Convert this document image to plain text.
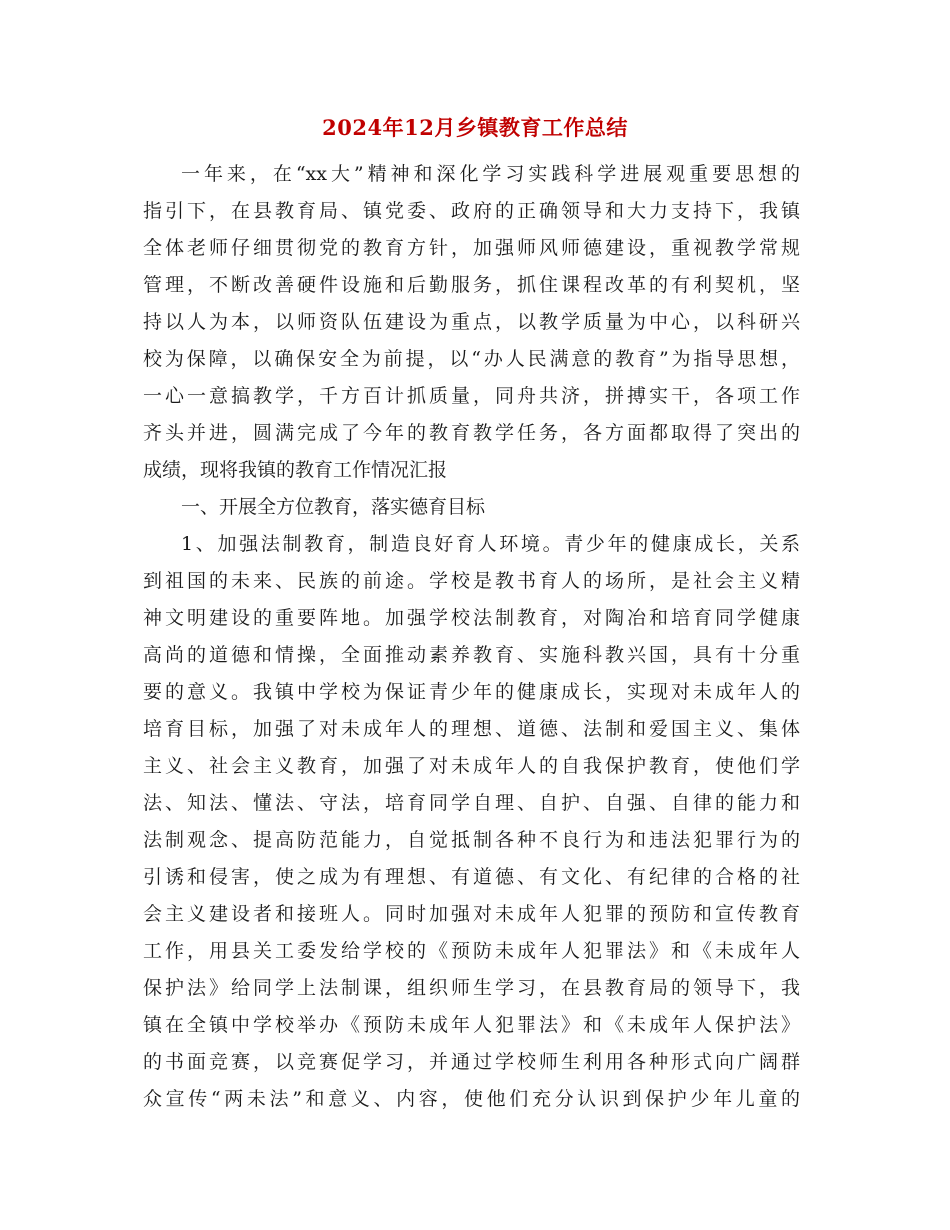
2024年12月乡镇教育工作总结
一年来，在“xx大”精神和深化学习实践科学进展观重要思想的
指引下，在县教育局、镇党委、政府的正确领导和大力支持下，我镇
全体老师仔细贯彻党的教育方针，加强师风师德建设，重视教学常规
管理，不断改善硬件设施和后勤服务，抓住课程改革的有利契机，坚
持以人为本，以师资队伍建设为重点，以教学质量为中心，以科研兴
校为保障，以确保安全为前提，以“办人民满意的教育”为指导思想，
一心一意搞教学，千方百计抓质量，同舟共济，拼搏实干，各项工作
齐头并进，圆满完成了今年的教育教学任务，各方面都取得了突出的
成绩，现将我镇的教育工作情况汇报
一、开展全方位教育，落实德育目标
1、加强法制教育，制造良好育人环境。青少年的健康成长，关系
到祖国的未来、民族的前途。学校是教书育人的场所，是社会主义精
神文明建设的重要阵地。加强学校法制教育，对陶冶和培育同学健康
高尚的道德和情操，全面推动素养教育、实施科教兴国，具有十分重
要的意义。我镇中学校为保证青少年的健康成长，实现对未成年人的
培育目标，加强了对未成年人的理想、道德、法制和爱国主义、集体
主义、社会主义教育，加强了对未成年人的自我保护教育，使他们学
法、知法、懂法、守法，培育同学自理、自护、自强、自律的能力和
法制观念、提高防范能力，自觉抵制各种不良行为和违法犯罪行为的
引诱和侵害，使之成为有理想、有道德、有文化、有纪律的合格的社
会主义建设者和接班人。同时加强对未成年人犯罪的预防和宣传教育
工作，用县关工委发给学校的《预防未成年人犯罪法》和《未成年人
保护法》给同学上法制课，组织师生学习，在县教育局的领导下，我
镇在全镇中学校举办《预防未成年人犯罪法》和《未成年人保护法》
的书面竞赛，以竞赛促学习，并通过学校师生利用各种形式向广阔群
众宣传“两未法”和意义、内容，使他们充分认识到保护少年儿童的
